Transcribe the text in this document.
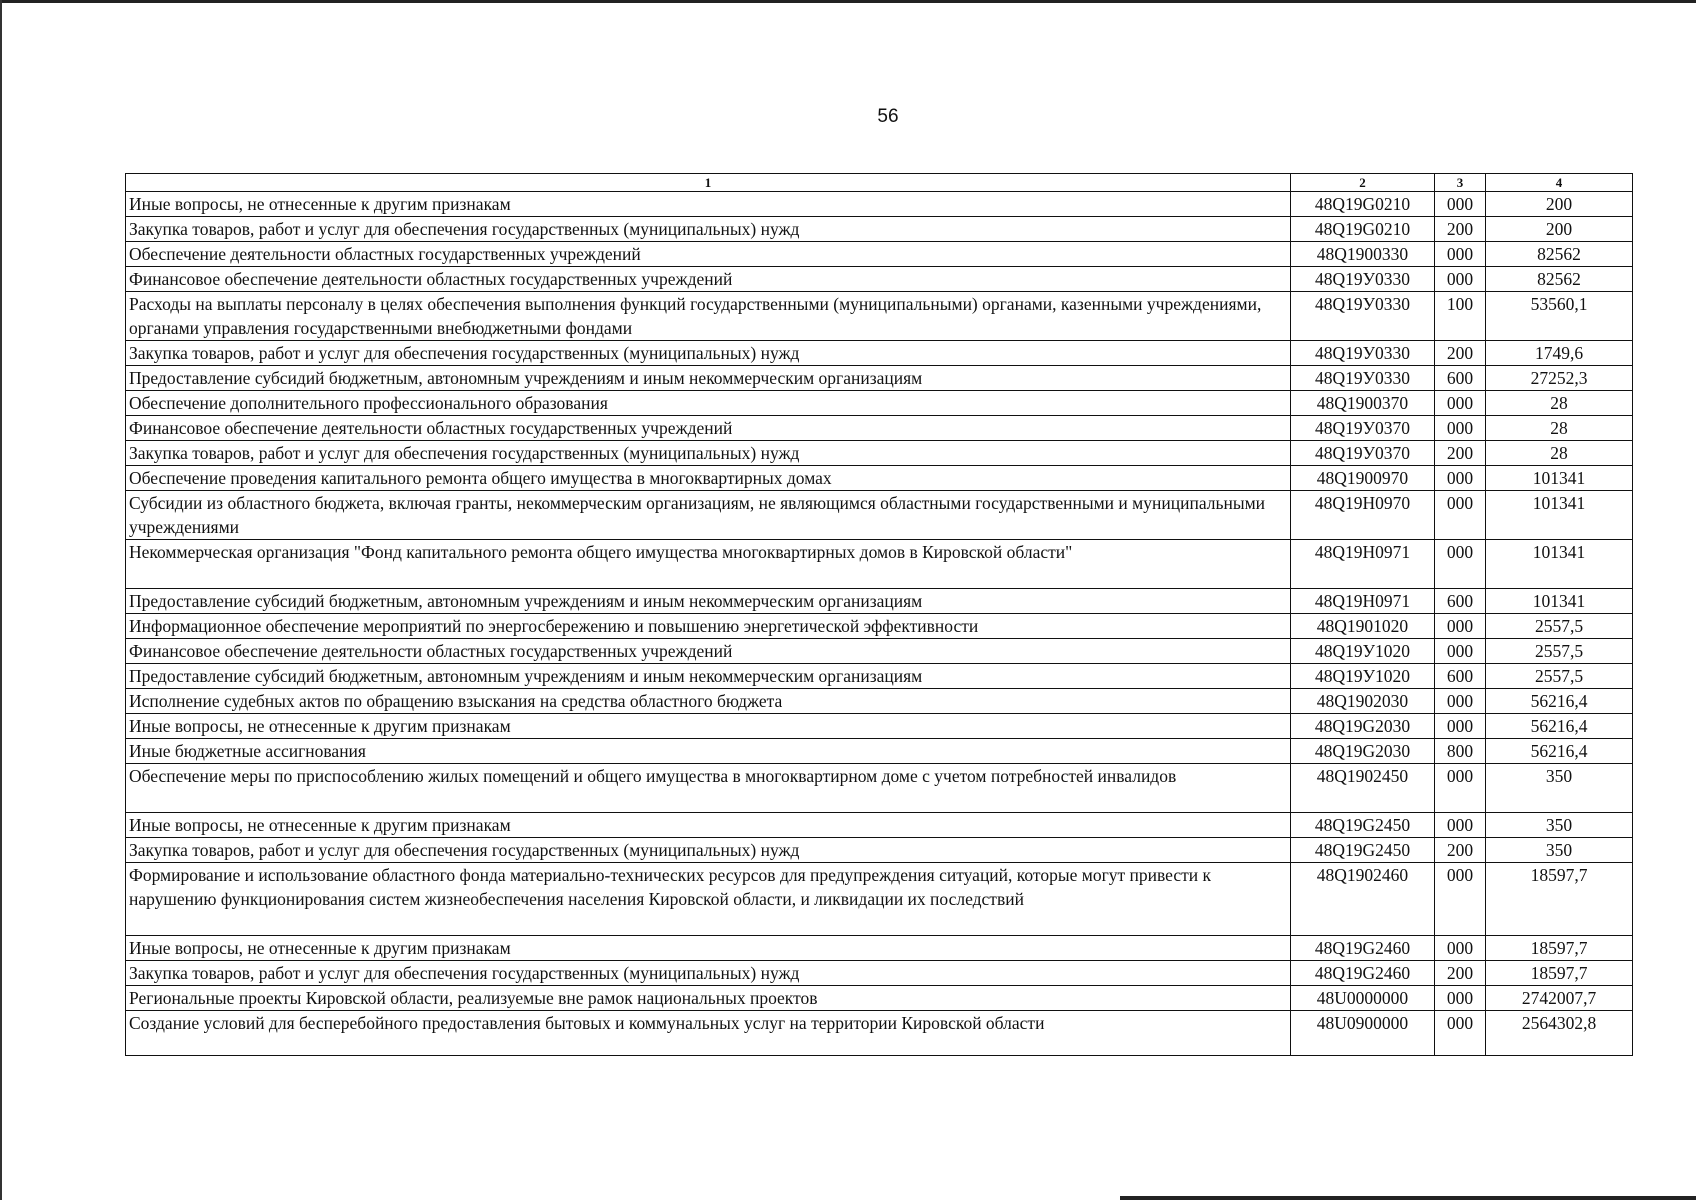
56
1	2	3	4
Иные вопросы, не отнесенные к другим признакам	48Q19G0210	000	200
Закупка товаров, работ и услуг для обеспечения государственных (муниципальных) нужд	48Q19G0210	200	200
Обеспечение деятельности областных государственных учреждений	48Q1900330	000	82562
Финансовое обеспечение деятельности областных государственных учреждений	48Q19У0330	000	82562
Расходы на выплаты персоналу в целях обеспечения выполнения функций государственными (муниципальными) органами, казенными учреждениями, органами управления государственными внебюджетными фондами	48Q19У0330	100	53560,1
Закупка товаров, работ и услуг для обеспечения государственных (муниципальных) нужд	48Q19У0330	200	1749,6
Предоставление субсидий бюджетным, автономным учреждениям и иным некоммерческим организациям	48Q19У0330	600	27252,3
Обеспечение дополнительного профессионального образования	48Q1900370	000	28
Финансовое обеспечение деятельности областных государственных учреждений	48Q19У0370	000	28
Закупка товаров, работ и услуг для обеспечения государственных (муниципальных) нужд	48Q19У0370	200	28
Обеспечение проведения капитального ремонта общего имущества в многоквартирных домах	48Q1900970	000	101341
Субсидии из областного бюджета, включая гранты, некоммерческим организациям, не являющимся областными государственными и муниципальными учреждениями	48Q19H0970	000	101341
Некоммерческая организация "Фонд капитального ремонта общего имущества многоквартирных домов в Кировской области"	48Q19H0971	000	101341
Предоставление субсидий бюджетным, автономным учреждениям и иным некоммерческим организациям	48Q19H0971	600	101341
Информационное обеспечение мероприятий по энергосбережению и повышению энергетической эффективности	48Q1901020	000	2557,5
Финансовое обеспечение деятельности областных государственных учреждений	48Q19У1020	000	2557,5
Предоставление субсидий бюджетным, автономным учреждениям и иным некоммерческим организациям	48Q19У1020	600	2557,5
Исполнение судебных актов по обращению взыскания на средства областного бюджета	48Q1902030	000	56216,4
Иные вопросы, не отнесенные к другим признакам	48Q19G2030	000	56216,4
Иные бюджетные ассигнования	48Q19G2030	800	56216,4
Обеспечение меры по приспособлению жилых помещений и общего имущества в многоквартирном доме с учетом потребностей инвалидов	48Q1902450	000	350
Иные вопросы, не отнесенные к другим признакам	48Q19G2450	000	350
Закупка товаров, работ и услуг для обеспечения государственных (муниципальных) нужд	48Q19G2450	200	350
Формирование и использование областного фонда материально-технических ресурсов для предупреждения ситуаций, которые могут привести к нарушению функционирования систем жизнеобеспечения населения Кировской области, и ликвидации их последствий	48Q1902460	000	18597,7
Иные вопросы, не отнесенные к другим признакам	48Q19G2460	000	18597,7
Закупка товаров, работ и услуг для обеспечения государственных (муниципальных) нужд	48Q19G2460	200	18597,7
Региональные проекты Кировской области, реализуемые вне рамок национальных проектов	48U0000000	000	2742007,7
Создание условий для бесперебойного предоставления бытовых и коммунальных услуг на территории Кировской области	48U0900000	000	2564302,8
